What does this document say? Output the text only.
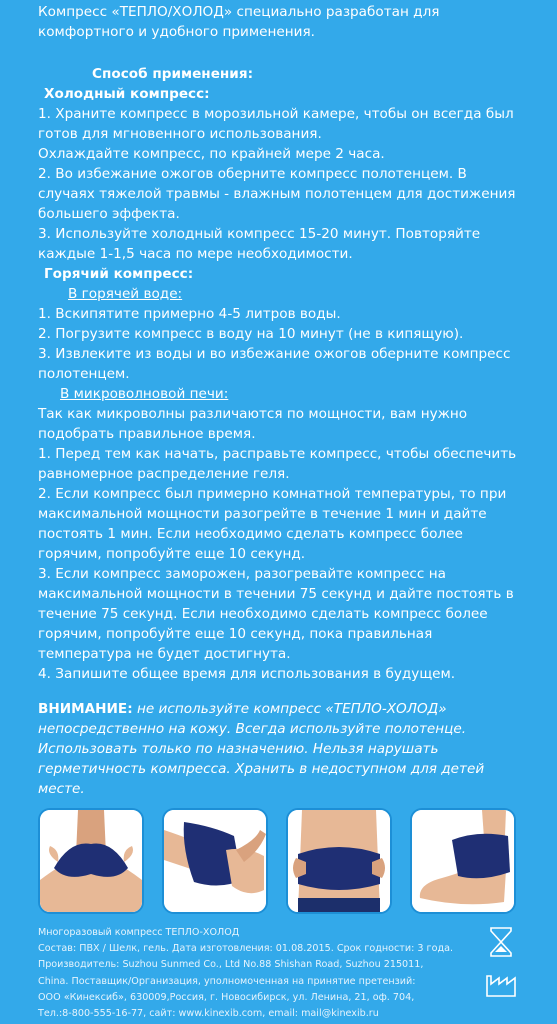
Компресс «ТЕПЛО/ХОЛОД» специально разработан для

комфортного и удобного применения.

Способ применения:

Холодный компресс:

1. Храните компресс в морозильной камере, чтобы он всегда был

готов для мгновенного использования.

Охлаждайте компресс, по крайней мере 2 часа.

2. Во избежание ожогов оберните компресс полотенцем. В

случаях тяжелой травмы - влажным полотенцем для достижения

большего эффекта.

3. Используйте холодный компресс 15-20 минут. Повторяйте

каждые 1-1,5 часа по мере необходимости.

Горячий компресс:

В горячей воде:

1. Вскипятите примерно 4-5 литров воды.

2. Погрузите компресс в воду на 10 минут (не в кипящую).

3. Извлеките из воды и во избежание ожогов оберните компресс

полотенцем.

В микроволновой печи:

Так как микроволны различаются по мощности, вам нужно

подобрать правильное время.

1. Перед тем как начать, расправьте компресс, чтобы обеспечить

равномерное распределение геля.

2. Если компресс был примерно комнатной температуры, то при

максимальной мощности разогрейте в течение 1 мин и дайте

постоять 1 мин. Если необходимо сделать компресс более

горячим, попробуйте еще 10 секунд.

3. Если компресс заморожен, разогревайте компресс на

максимальной мощности в течении 75 секунд и дайте постоять в

течение 75 секунд. Если необходимо сделать компресс более

горячим, попробуйте еще 10 секунд, пока правильная

температура не будет достигнута.

4. Запишите общее время для использования в будущем.

ВНИМАНИЕ: не используйте компресс «ТЕПЛО-ХОЛОД»

непосредственно на кожу. Всегда используйте полотенце.

Использовать только по назначению. Нельзя нарушать

герметичность компресса. Хранить в недоступном для детей

месте.

Многоразовый компресс ТЕПЛО-ХОЛОД

Состав: ПВХ / Шелк, гель. Дата изготовления: 01.08.2015. Срок годности: 3 года.

Производитель: Suzhou Sunmed Co., Ltd No.88 Shishan Road, Suzhou 215011,

China. Поставщик/Организация, уполномоченная на принятие претензий:

ООО «Кинексиб», 630009,Россия, г. Новосибирск, ул. Ленина, 21, оф. 704,

Тел.:8-800-555-16-77, сайт: www.kinexib.com, email: mail@kinexib.ru
